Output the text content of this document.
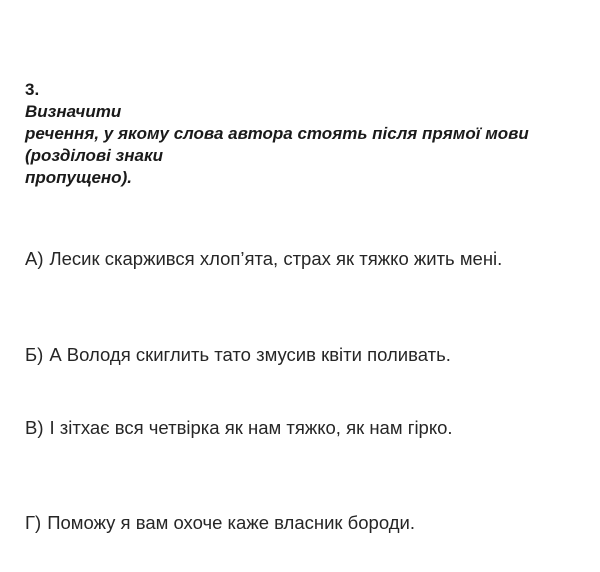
3.
Визначити
речення, у якому слова автора стоять після прямої мови
(розділові знаки
пропущено).
А) Лесик скаржився хлоп’ята, страх як тяжко жить мені.
Б) А Володя скиглить тато змусив квіти поливать.
В) І зітхає вся четвірка як нам тяжко, як нам гірко.
Г) Поможу я вам охоче каже власник бороди.
